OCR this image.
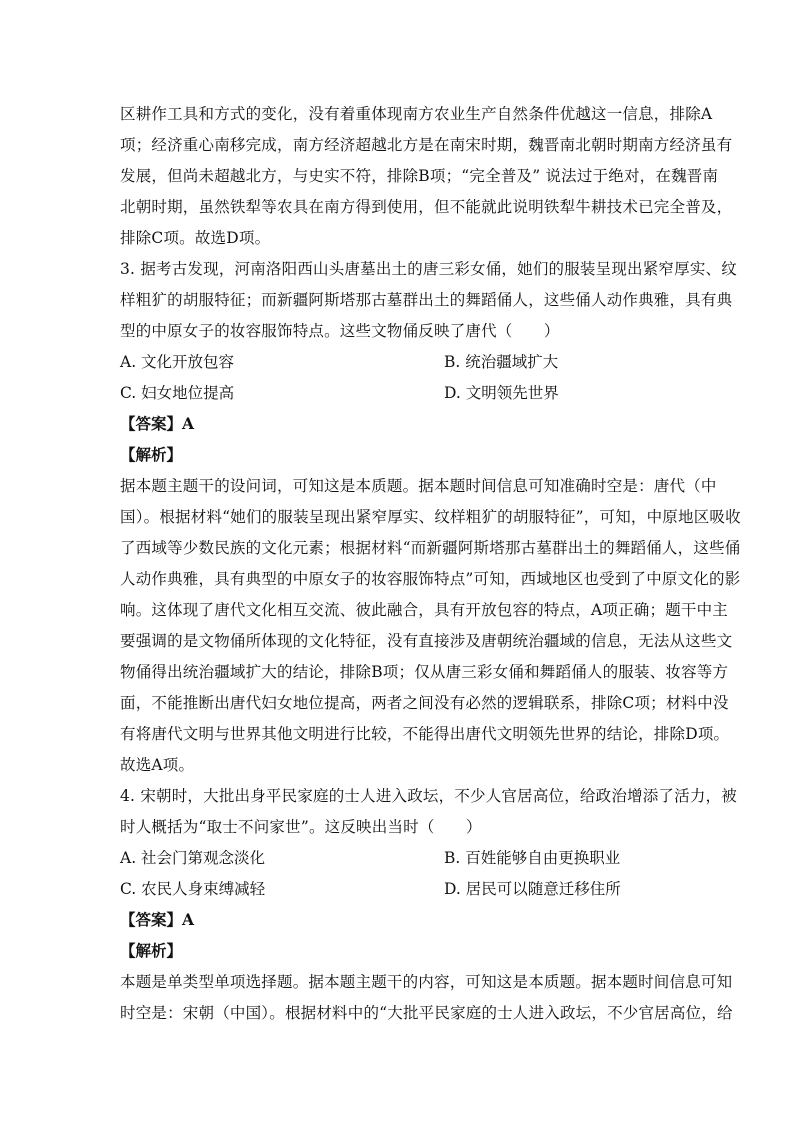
区耕作工具和方式的变化，没有着重体现南方农业生产自然条件优越这一信息，排除A
项；经济重心南移完成，南方经济超越北方是在南宋时期，魏晋南北朝时期南方经济虽有
发展，但尚未超越北方，与史实不符，排除B项；“完全普及” 说法过于绝对，在魏晋南
北朝时期，虽然铁犁等农具在南方得到使用，但不能就此说明铁犁牛耕技术已完全普及，
排除C项。故选D项。
3. 据考古发现，河南洛阳西山头唐墓出土的唐三彩女俑，她们的服装呈现出紧窄厚实、纹
样粗犷的胡服特征；而新疆阿斯塔那古墓群出土的舞蹈俑人，这些俑人动作典雅，具有典
型的中原女子的妆容服饰特点。这些文物俑反映了唐代（　　）
A. 文化开放包容	B. 统治疆域扩大
C. 妇女地位提高	D. 文明领先世界
【答案】A
【解析】
据本题主题干的设问词，可知这是本质题。据本题时间信息可知准确时空是：唐代（中
国）。根据材料“她们的服装呈现出紧窄厚实、纹样粗犷的胡服特征”，可知，中原地区吸收
了西域等少数民族的文化元素；根据材料“而新疆阿斯塔那古墓群出土的舞蹈俑人，这些俑
人动作典雅，具有典型的中原女子的妆容服饰特点”可知，西域地区也受到了中原文化的影
响。这体现了唐代文化相互交流、彼此融合，具有开放包容的特点，A项正确；题干中主
要强调的是文物俑所体现的文化特征，没有直接涉及唐朝统治疆域的信息，无法从这些文
物俑得出统治疆域扩大的结论，排除B项；仅从唐三彩女俑和舞蹈俑人的服装、妆容等方
面，不能推断出唐代妇女地位提高，两者之间没有必然的逻辑联系，排除C项；材料中没
有将唐代文明与世界其他文明进行比较，不能得出唐代文明领先世界的结论，排除D项。
故选A项。
4. 宋朝时，大批出身平民家庭的士人进入政坛，不少人官居高位，给政治增添了活力，被
时人概括为“取士不问家世”。这反映出当时（　　）
A. 社会门第观念淡化	B. 百姓能够自由更换职业
C. 农民人身束缚减轻	D. 居民可以随意迁移住所
【答案】A
【解析】
本题是单类型单项选择题。据本题主题干的内容，可知这是本质题。据本题时间信息可知
时空是：宋朝（中国）。根据材料中的“大批平民家庭的士人进入政坛，不少官居高位，给
